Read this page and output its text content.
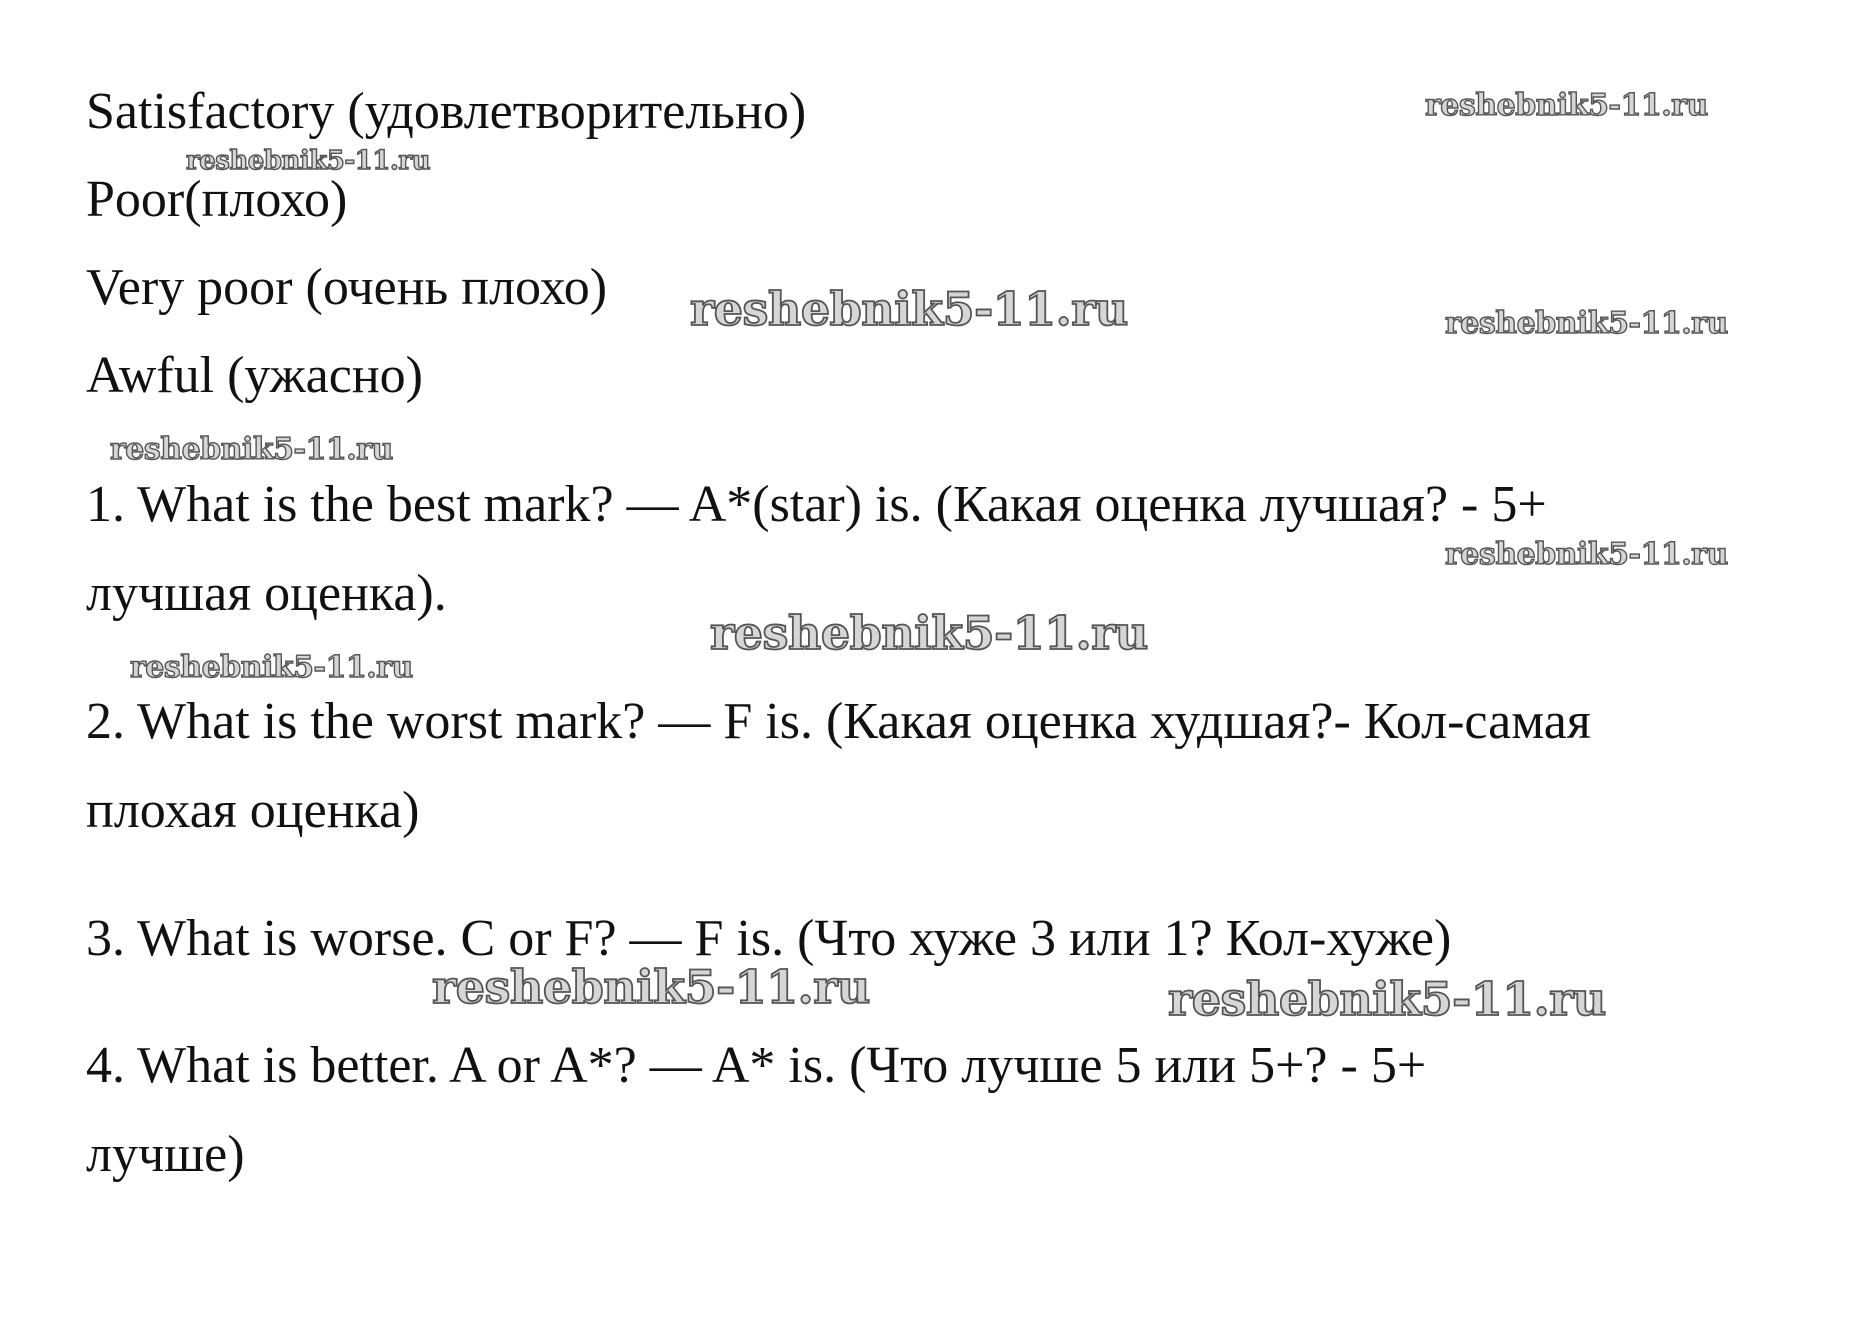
Satisfactory (удовлетворительно)
Poor(плохо)
Very poor (очень плохо)
Awful (ужасно)
1. What is the best mark? — A*(star) is. (Какая оценка лучшая? - 5+
лучшая оценка).
2. What is the worst mark? — F is. (Какая оценка худшая?- Кол-самая
плохая оценка)
3. What is worse. C or F? — F is. (Что хуже 3 или 1? Кол-хуже)
4. What is better. A or A*? — A* is. (Что лучше 5 или 5+? - 5+
лучше)
reshebnik5-11.ru
reshebnik5-11.ru
reshebnik5-11.ru	reshebnik5-11.ru
reshebnik5-11.ru
reshebnik5-11.ru
reshebnik5-11.ru
reshebnik5-11.ru
reshebnik5-11.ru	reshebnik5-11.ru
